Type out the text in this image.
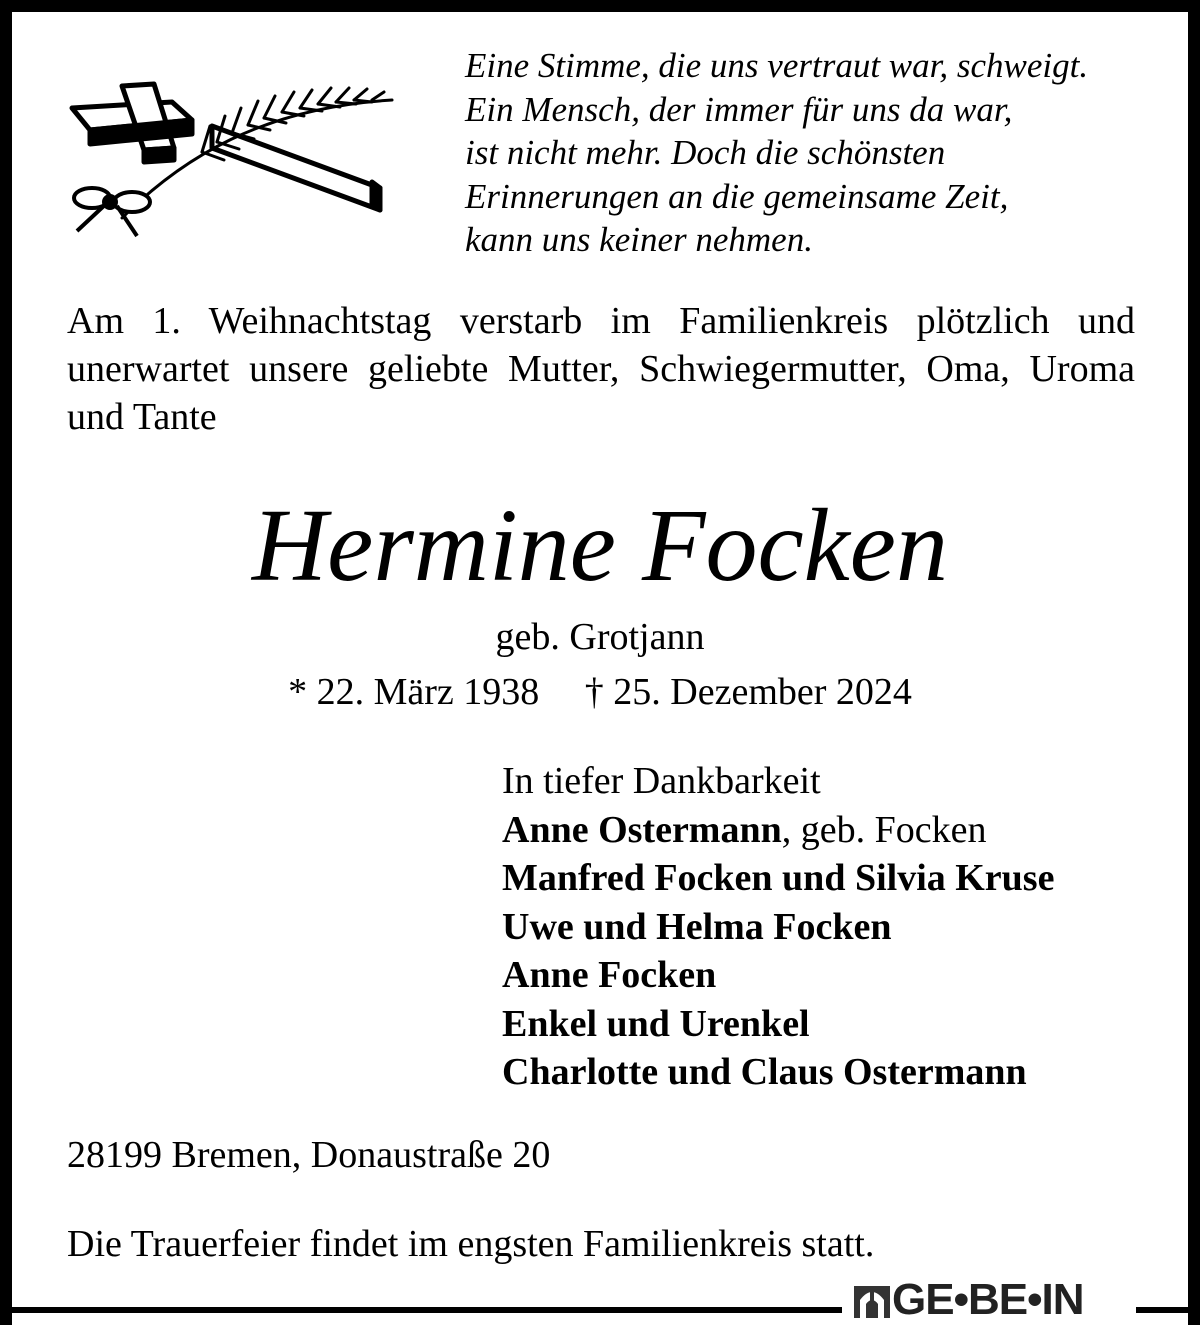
Eine Stimme, die uns vertraut war, schweigt.
Ein Mensch, der immer für uns da war,
ist nicht mehr. Doch die schönsten
Erinnerungen an die gemeinsame Zeit,
kann uns keiner nehmen.
Am 1. Weihnachtstag verstarb im Familienkreis plötzlich und unerwartet unsere geliebte Mutter, Schwiegermutter, Oma, Uroma und Tante
Hermine Focken
geb. Grotjann
* 22. März 1938 † 25. Dezember 2024
In tiefer Dankbarkeit
Anne Ostermann, geb. Focken
Manfred Focken und Silvia Kruse
Uwe und Helma Focken
Anne Focken
Enkel und Urenkel
Charlotte und Claus Ostermann
28199 Bremen, Donaustraße 20
Die Trauerfeier findet im engsten Familienkreis statt.
GE•BE•IN
